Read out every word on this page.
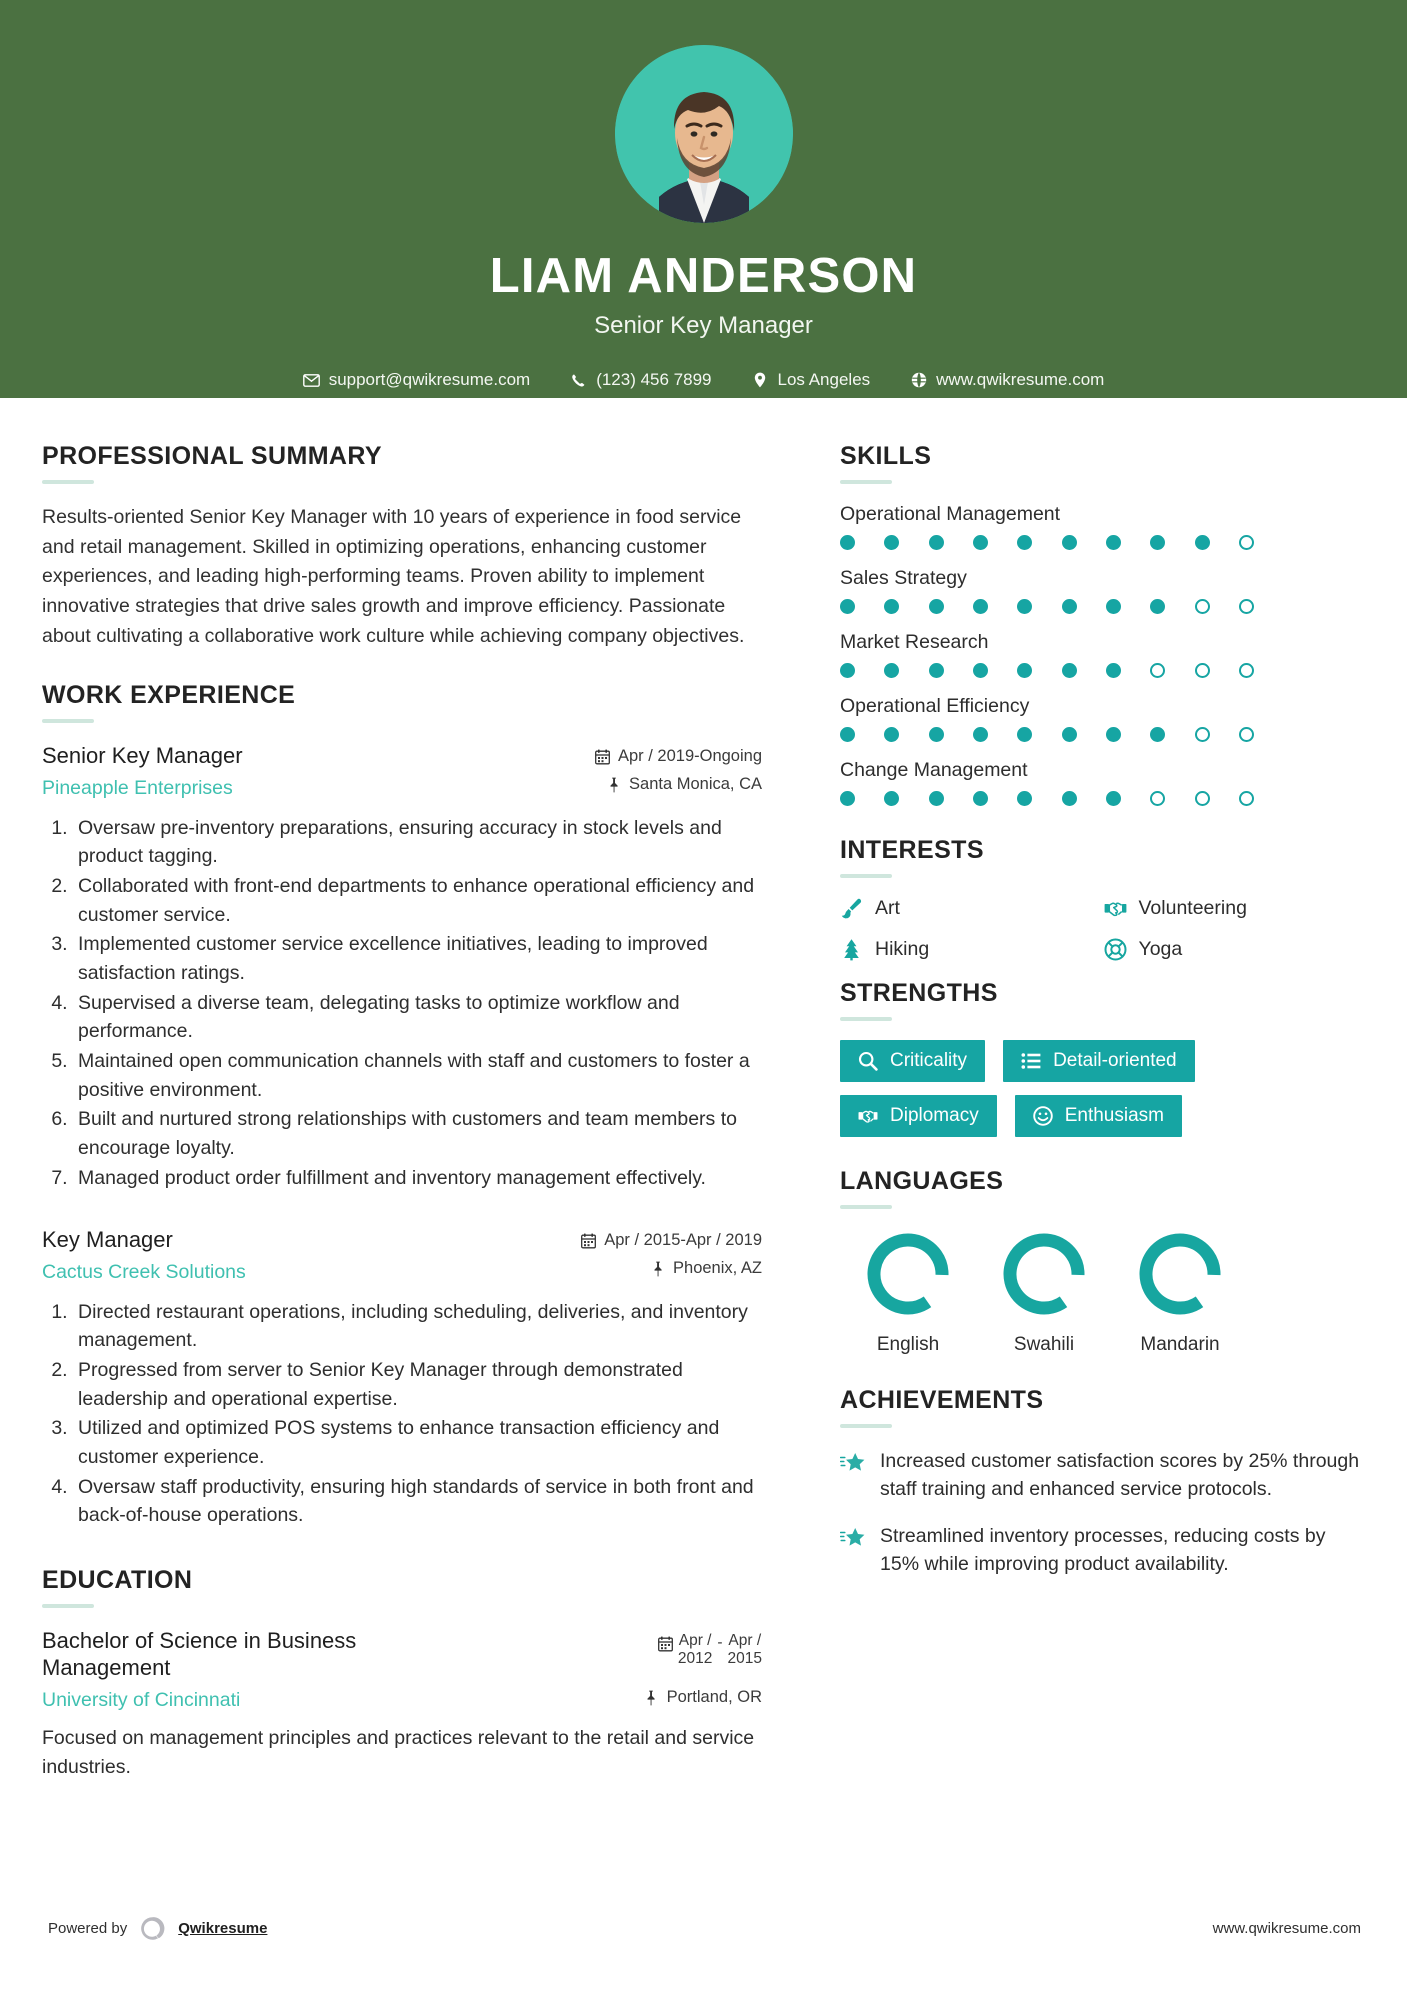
LIAM ANDERSON
Senior Key Manager
support@qwikresume.com	(123) 456 7899	Los Angeles	www.qwikresume.com
PROFESSIONAL SUMMARY
Results-oriented Senior Key Manager with 10 years of experience in food service and retail management. Skilled in optimizing operations, enhancing customer experiences, and leading high-performing teams. Proven ability to implement innovative strategies that drive sales growth and improve efficiency. Passionate about cultivating a collaborative work culture while achieving company objectives.
WORK EXPERIENCE
Senior Key Manager
Pineapple Enterprises
Apr / 2019-Ongoing
Santa Monica, CA
1. Oversaw pre-inventory preparations, ensuring accuracy in stock levels and product tagging.
2. Collaborated with front-end departments to enhance operational efficiency and customer service.
3. Implemented customer service excellence initiatives, leading to improved satisfaction ratings.
4. Supervised a diverse team, delegating tasks to optimize workflow and performance.
5. Maintained open communication channels with staff and customers to foster a positive environment.
6. Built and nurtured strong relationships with customers and team members to encourage loyalty.
7. Managed product order fulfillment and inventory management effectively.
Key Manager
Cactus Creek Solutions
Apr / 2015-Apr / 2019
Phoenix, AZ
1. Directed restaurant operations, including scheduling, deliveries, and inventory management.
2. Progressed from server to Senior Key Manager through demonstrated leadership and operational expertise.
3. Utilized and optimized POS systems to enhance transaction efficiency and customer experience.
4. Oversaw staff productivity, ensuring high standards of service in both front and back-of-house operations.
EDUCATION
Bachelor of Science in Business Management
University of Cincinnati
Apr /
2012
- Apr /
2015
Portland, OR
Focused on management principles and practices relevant to the retail and service industries.
SKILLS
Operational Management
Sales Strategy
Market Research
Operational Efficiency
Change Management
INTERESTS
Art	Volunteering
Hiking	Yoga
STRENGTHS
Criticality	Detail-oriented
Diplomacy	Enthusiasm
LANGUAGES
English	Swahili	Mandarin
ACHIEVEMENTS
Increased customer satisfaction scores by 25% through staff training and enhanced service protocols.
Streamlined inventory processes, reducing costs by 15% while improving product availability.
Powered by	Qwikresume	www.qwikresume.com
